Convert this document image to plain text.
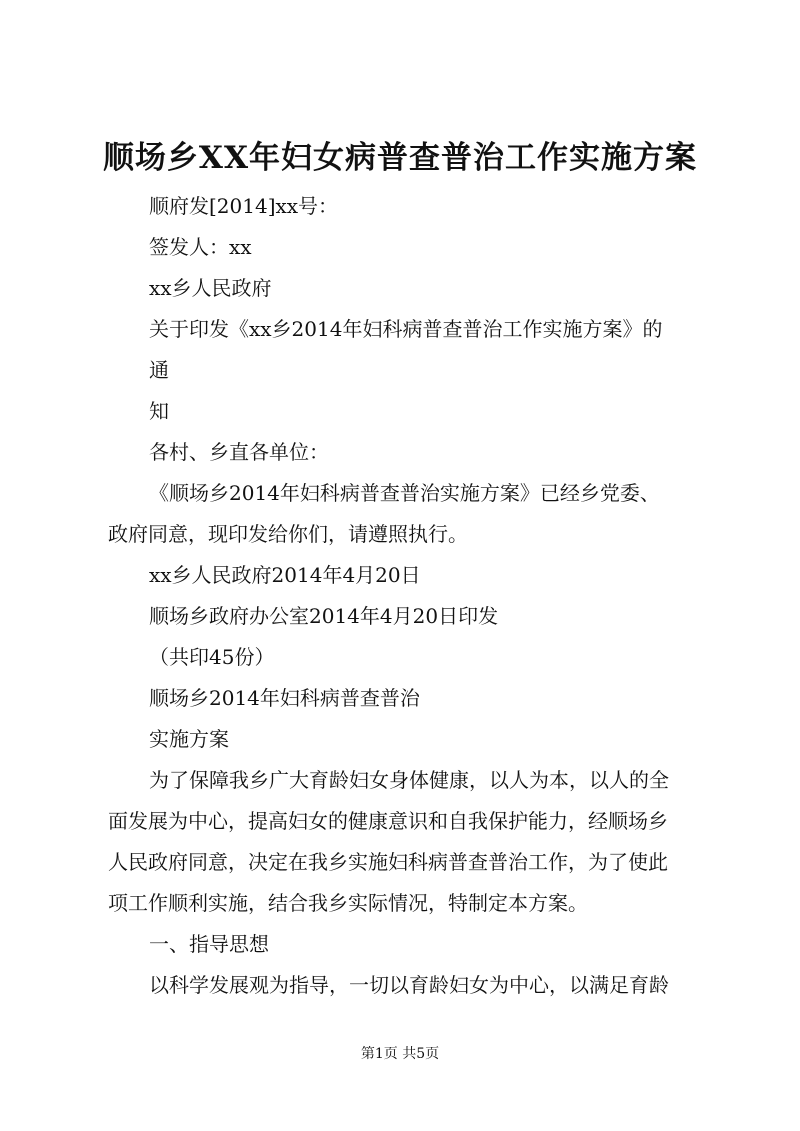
顺场乡XX年妇女病普查普治工作实施方案
顺府发[2014]xx号：
签发人：xx
xx乡人民政府
关于印发《xx乡2014年妇科病普查普治工作实施方案》的
通
知
各村、乡直各单位：
《顺场乡2014年妇科病普查普治实施方案》已经乡党委、
政府同意，现印发给你们，请遵照执行。
xx乡人民政府2014年4月20日
顺场乡政府办公室2014年4月20日印发
（共印45份）
顺场乡2014年妇科病普查普治
实施方案
为了保障我乡广大育龄妇女身体健康，以人为本，以人的全
面发展为中心，提高妇女的健康意识和自我保护能力，经顺场乡
人民政府同意，决定在我乡实施妇科病普查普治工作，为了使此
项工作顺利实施，结合我乡实际情况，特制定本方案。
一、指导思想
以科学发展观为指导，一切以育龄妇女为中心，以满足育龄
第1页 共5页
